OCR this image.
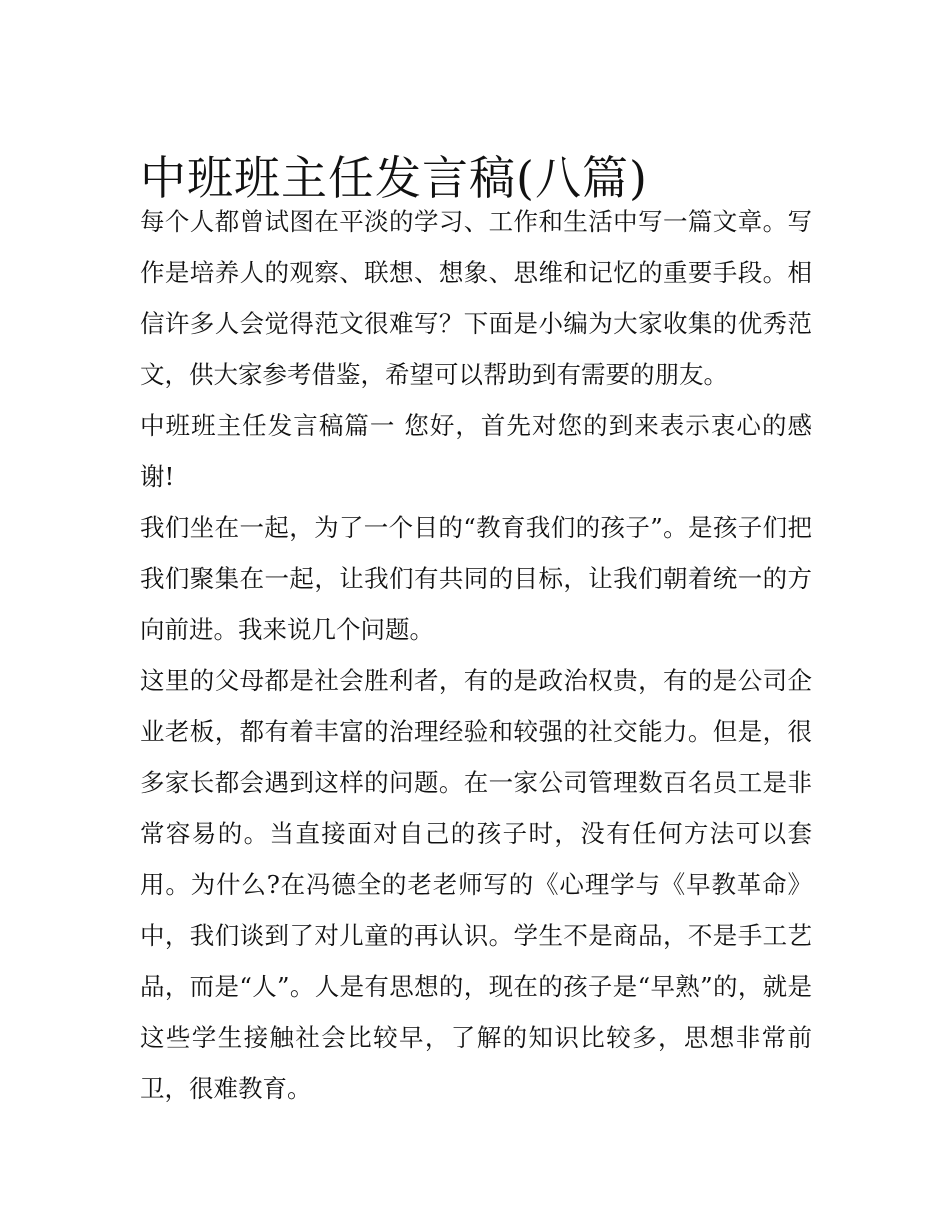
中班班主任发言稿(八篇)

每个人都曾试图在平淡的学习、工作和生活中写一篇文章。写作是培养人的观察、联想、想象、思维和记忆的重要手段。相信许多人会觉得范文很难写？下面是小编为大家收集的优秀范文，供大家参考借鉴，希望可以帮助到有需要的朋友。

中班班主任发言稿篇一 您好，首先对您的到来表示衷心的感谢!

我们坐在一起，为了一个目的“教育我们的孩子”。是孩子们把我们聚集在一起，让我们有共同的目标，让我们朝着统一的方向前进。我来说几个问题。

这里的父母都是社会胜利者，有的是政治权贵，有的是公司企业老板，都有着丰富的治理经验和较强的社交能力。但是，很多家长都会遇到这样的问题。在一家公司管理数百名员工是非常容易的。当直接面对自己的孩子时，没有任何方法可以套用。为什么?在冯德全的老老师写的《心理学与《早教革命》中，我们谈到了对儿童的再认识。学生不是商品，不是手工艺品，而是“人”。人是有思想的，现在的孩子是“早熟”的，就是这些学生接触社会比较早，了解的知识比较多，思想非常前卫，很难教育。
